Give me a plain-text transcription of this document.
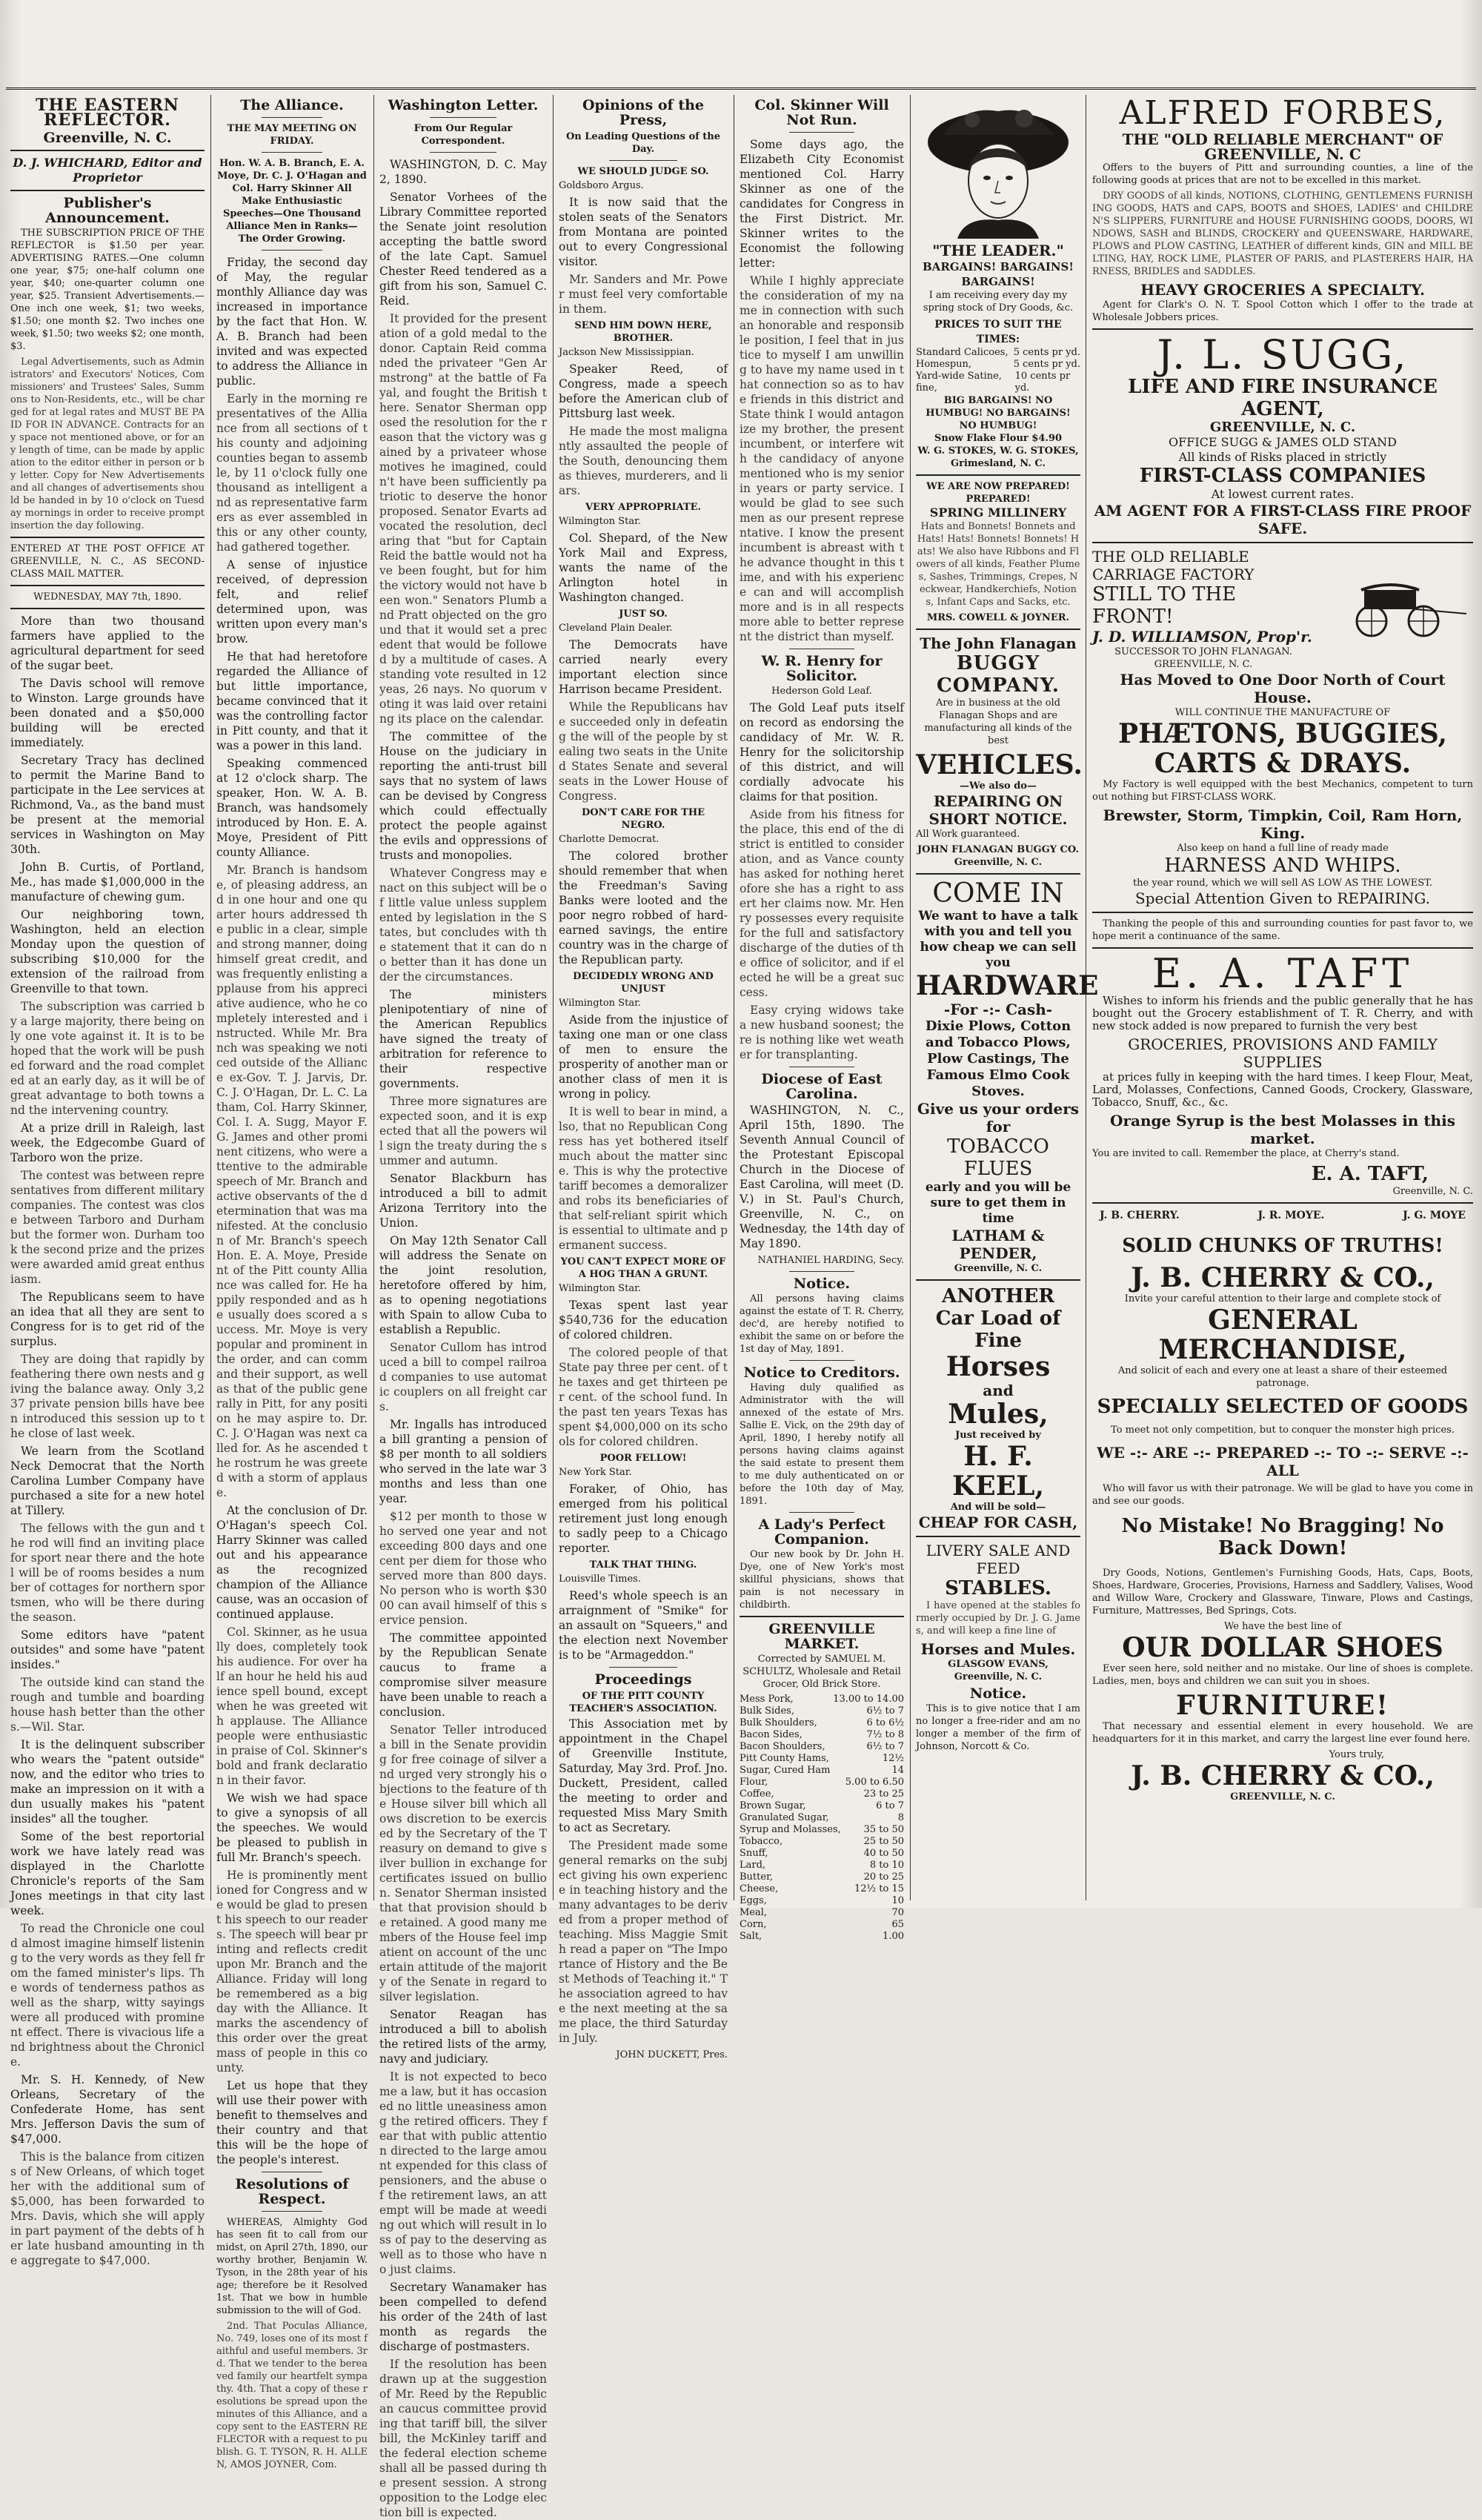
THE EASTERN REFLECTOR.
Greenville, N. C.
D. J. WHICHARD, Editor and Proprietor
Publisher's Announcement.

THE SUBSCRIPTION PRICE OF THE REFLECTOR is $1.50 per year. ADVERTISING RATES.—One column one year, $75; one-half column one year, $40; one-quarter column one year, $25. Transient Advertisements.—One inch one week, $1; two weeks, $1.50; one month $2. Two inches one week, $1.50; two weeks $2; one month, $3.

Legal Advertisements, such as Administrators' and Executors' Notices, Commissioners' and Trustees' Sales, Summons to Non-Residents, etc., will be charged for at legal rates and MUST BE PAID FOR IN ADVANCE. Contracts for any space not mentioned above, or for any length of time, can be made by application to the editor either in person or by letter. Copy for New Advertisements and all changes of advertisements should be handed in by 10 o'clock on Tuesday mornings in order to receive prompt insertion the day following.

ENTERED AT THE POST OFFICE AT GREENVILLE, N. C., AS SECOND-CLASS MAIL MATTER.

WEDNESDAY, MAY 7th, 1890.

More than two thousand farmers have applied to the agricultural department for seed of the sugar beet.

The Davis school will remove to Winston. Large grounds have been donated and a $50,000 building will be erected immediately.

Secretary Tracy has declined to permit the Marine Band to participate in the Lee services at Richmond, Va., as the band must be present at the memorial services in Washington on May 30th.

John B. Curtis, of Portland, Me., has made $1,000,000 in the manufacture of chewing gum.

Our neighboring town, Washington, held an election Monday upon the question of subscribing $10,000 for the extension of the railroad from Greenville to that town.

The subscription was carried by a large majority, there being only one vote against it. It is to be hoped that the work will be pushed forward and the road completed at an early day, as it will be of great advantage to both towns and the intervening country.

At a prize drill in Raleigh, last week, the Edgecombe Guard of Tarboro won the prize.

The contest was between representatives from different military companies. The contest was close between Tarboro and Durham but the former won. Durham took the second prize and the prizes were awarded amid great enthusiasm.

The Republicans seem to have an idea that all they are sent to Congress for is to get rid of the surplus.

They are doing that rapidly by feathering there own nests and giving the balance away. Only 3,237 private pension bills have been introduced this session up to the close of last week.

We learn from the Scotland Neck Democrat that the North Carolina Lumber Company have purchased a site for a new hotel at Tillery.

The fellows with the gun and the rod will find an inviting place for sport near there and the hotel will be of rooms besides a number of cottages for northern sportsmen, who will be there during the season.

Some editors have "patent outsides" and some have "patent insides."

The outside kind can stand the rough and tumble and boarding house hash better than the others.—Wil. Star.

It is the delinquent subscriber who wears the "patent outside" now, and the editor who tries to make an impression on it with a dun usually makes his "patent insides" all the tougher.

Some of the best reportorial work we have lately read was displayed in the Charlotte Chronicle's reports of the Sam Jones meetings in that city last week.

To read the Chronicle one could almost imagine himself listening to the very words as they fell from the famed minister's lips. The words of tenderness pathos as well as the sharp, witty sayings were all produced with prominent effect. There is vivacious life and brightness about the Chronicle.

Mr. S. H. Kennedy, of New Orleans, Secretary of the Confederate Home, has sent Mrs. Jefferson Davis the sum of $47,000.

This is the balance from citizens of New Orleans, of which together with the additional sum of $5,000, has been forwarded to Mrs. Davis, which she will apply in part payment of the debts of her late husband amounting in the aggregate to $47,000.

The Alliance.
THE MAY MEETING ON FRIDAY.

Hon. W. A. B. Branch, E. A. Moye, Dr. C. J. O'Hagan and Col. Harry Skinner All Make Enthusiastic Speeches—One Thousand Alliance Men in Ranks—The Order Growing.

Friday, the second day of May, the regular monthly Alliance day was increased in importance by the fact that Hon. W. A. B. Branch had been invited and was expected to address the Alliance in public.

Early in the morning representatives of the Alliance from all sections of this county and adjoining counties began to assemble, by 11 o'clock fully one thousand as intelligent and as representative farmers as ever assembled in this or any other county, had gathered together.

A sense of injustice received, of depression felt, and relief determined upon, was written upon every man's brow.

He that had heretofore regarded the Alliance of but little importance, became convinced that it was the controlling factor in Pitt county, and that it was a power in this land.

Speaking commenced at 12 o'clock sharp. The speaker, Hon. W. A. B. Branch, was handsomely introduced by Hon. E. A. Moye, President of Pitt county Alliance.

Mr. Branch is handsome, of pleasing address, and in one hour and one quarter hours addressed the public in a clear, simple and strong manner, doing himself great credit, and was frequently enlisting applause from his appreciative audience, who he completely interested and instructed. While Mr. Branch was speaking we noticed outside of the Alliance ex-Gov. T. J. Jarvis, Dr. C. J. O'Hagan, Dr. L. C. Latham, Col. Harry Skinner, Col. I. A. Sugg, Mayor F. G. James and other prominent citizens, who were attentive to the admirable speech of Mr. Branch and active observants of the determination that was manifested. At the conclusion of Mr. Branch's speech Hon. E. A. Moye, President of the Pitt county Alliance was called for. He happily responded and as he usually does scored a success. Mr. Moye is very popular and prominent in the order, and can command their support, as well as that of the public generally in Pitt, for any position he may aspire to. Dr. C. J. O'Hagan was next called for. As he ascended the rostrum he was greeted with a storm of applause.

At the conclusion of Dr. O'Hagan's speech Col. Harry Skinner was called out and his appearance as the recognized champion of the Alliance cause, was an occasion of continued applause.

Col. Skinner, as he usually does, completely took his audience. For over half an hour he held his audience spell bound, except when he was greeted with applause. The Alliance people were enthusiastic in praise of Col. Skinner's bold and frank declaration in their favor.

We wish we had space to give a synopsis of all the speeches. We would be pleased to publish in full Mr. Branch's speech.

He is prominently mentioned for Congress and we would be glad to present his speech to our readers. The speech will bear printing and reflects credit upon Mr. Branch and the Alliance. Friday will long be remembered as a big day with the Alliance. It marks the ascendency of this order over the great mass of people in this county.

Let us hope that they will use their power with benefit to themselves and their country and that this will be the hope of the people's interest.

Resolutions of Respect.

WHEREAS, Almighty God has seen fit to call from our midst, on April 27th, 1890, our worthy brother, Benjamin W. Tyson, in the 28th year of his age; therefore be it Resolved 1st. That we bow in humble submission to the will of God.

2nd. That Poculas Alliance, No. 749, loses one of its most faithful and useful members. 3rd. That we tender to the bereaved family our heartfelt sympathy. 4th. That a copy of these resolutions be spread upon the minutes of this Alliance, and a copy sent to the EASTERN REFLECTOR with a request to publish. G. T. TYSON, R. H. ALLEN, AMOS JOYNER, Com.

Washington Letter.
From Our Regular Correspondent.

WASHINGTON, D. C. May 2, 1890.

Senator Vorhees of the Library Committee reported the Senate joint resolution accepting the battle sword of the late Capt. Samuel Chester Reed tendered as a gift from his son, Samuel C. Reid.

It provided for the presentation of a gold medal to the donor. Captain Reid commanded the privateer "Gen Armstrong" at the battle of Fayal, and fought the British there. Senator Sherman opposed the resolution for the reason that the victory was gained by a privateer whose motives he imagined, couldn't have been sufficiently patriotic to deserve the honor proposed. Senator Evarts advocated the resolution, declaring that "but for Captain Reid the battle would not have been fought, but for him the victory would not have been won." Senators Plumb and Pratt objected on the ground that it would set a precedent that would be followed by a multitude of cases. A standing vote resulted in 12 yeas, 26 nays. No quorum voting it was laid over retaining its place on the calendar.

The committee of the House on the judiciary in reporting the anti-trust bill says that no system of laws can be devised by Congress which could effectually protect the people against the evils and oppressions of trusts and monopolies.

Whatever Congress may enact on this subject will be of little value unless supplemented by legislation in the States, but concludes with the statement that it can do no better than it has done under the circumstances.

The ministers plenipotentiary of nine of the American Republics have signed the treaty of arbitration for reference to their respective governments.

Three more signatures are expected soon, and it is expected that all the powers will sign the treaty during the summer and autumn.

Senator Blackburn has introduced a bill to admit Arizona Territory into the Union.

On May 12th Senator Call will address the Senate on the joint resolution, heretofore offered by him, as to opening negotiations with Spain to allow Cuba to establish a Republic.

Senator Cullom has introduced a bill to compel railroad companies to use automatic couplers on all freight cars.

Mr. Ingalls has introduced a bill granting a pension of $8 per month to all soldiers who served in the late war 3 months and less than one year.

$12 per month to those who served one year and not exceeding 800 days and one cent per diem for those who served more than 800 days. No person who is worth $3000 can avail himself of this service pension.

The committee appointed by the Republican Senate caucus to frame a compromise silver measure have been unable to reach a conclusion.

Senator Teller introduced a bill in the Senate providing for free coinage of silver and urged very strongly his objections to the feature of the House silver bill which allows discretion to be exercised by the Secretary of the Treasury on demand to give silver bullion in exchange for certificates issued on bullion. Senator Sherman insisted that that provision should be retained. A good many members of the House feel impatient on account of the uncertain attitude of the majority of the Senate in regard to silver legislation.

Senator Reagan has introduced a bill to abolish the retired lists of the army, navy and judiciary.

It is not expected to become a law, but it has occasioned no little uneasiness among the retired officers. They fear that with public attention directed to the large amount expended for this class of pensioners, and the abuse of the retirement laws, an attempt will be made at weeding out which will result in loss of pay to the deserving as well as to those who have no just claims.

Secretary Wanamaker has been compelled to defend his order of the 24th of last month as regards the discharge of postmasters.

If the resolution has been drawn up at the suggestion of Mr. Reed by the Republican caucus committee providing that tariff bill, the silver bill, the McKinley tariff and the federal election scheme shall all be passed during the present session. A strong opposition to the Lodge election bill is expected.

Opinions of the Press,
On Leading Questions of the Day.
WE SHOULD JUDGE SO.

Goldsboro Argus.

It is now said that the stolen seats of the Senators from Montana are pointed out to every Congressional visitor.

Mr. Sanders and Mr. Power must feel very comfortable in them.

SEND HIM DOWN HERE, BROTHER.

Jackson New Mississippian.

Speaker Reed, of Congress, made a speech before the American club of Pittsburg last week.

He made the most malignantly assaulted the people of the South, denouncing them as thieves, murderers, and liars.

VERY APPROPRIATE.

Wilmington Star.

Col. Shepard, of the New York Mail and Express, wants the name of the Arlington hotel in Washington changed.

JUST SO.

Cleveland Plain Dealer.

The Democrats have carried nearly every important election since Harrison became President.

While the Republicans have succeeded only in defeating the will of the people by stealing two seats in the United States Senate and several seats in the Lower House of Congress.

DON'T CARE FOR THE NEGRO.

Charlotte Democrat.

The colored brother should remember that when the Freedman's Saving Banks were looted and the poor negro robbed of hard-earned savings, the entire country was in the charge of the Republican party.

DECIDEDLY WRONG AND UNJUST

Wilmington Star.

Aside from the injustice of taxing one man or one class of men to ensure the prosperity of another man or another class of men it is wrong in policy.

It is well to bear in mind, also, that no Republican Congress has yet bothered itself much about the matter since. This is why the protective tariff becomes a demoralizer and robs its beneficiaries of that self-reliant spirit which is essential to ultimate and permanent success.

YOU CAN'T EXPECT MORE OF A HOG THAN A GRUNT.

Wilmington Star.

Texas spent last year $540,736 for the education of colored children.

The colored people of that State pay three per cent. of the taxes and get thirteen per cent. of the school fund. In the past ten years Texas has spent $4,000,000 on its schools for colored children.

POOR FELLOW!

New York Star.

Foraker, of Ohio, has emerged from his political retirement just long enough to sadly peep to a Chicago reporter.

TALK THAT THING.

Louisville Times.

Reed's whole speech is an arraignment of "Smike" for an assault on "Squeers," and the election next November is to be "Armageddon."

Proceedings
OF THE PITT COUNTY TEACHER'S ASSOCIATION.

This Association met by appointment in the Chapel of Greenville Institute, Saturday, May 3rd. Prof. Jno. Duckett, President, called the meeting to order and requested Miss Mary Smith to act as Secretary.

The President made some general remarks on the subject giving his own experience in teaching history and the many advantages to be derived from a proper method of teaching. Miss Maggie Smith read a paper on "The Importance of History and the Best Methods of Teaching it." The association agreed to have the next meeting at the same place, the third Saturday in July.

JOHN DUCKETT, Pres.

Col. Skinner Will Not Run.

Some days ago, the Elizabeth City Economist mentioned Col. Harry Skinner as one of the candidates for Congress in the First District. Mr. Skinner writes to the Economist the following letter:

While I highly appreciate the consideration of my name in connection with such an honorable and responsible position, I feel that in justice to myself I am unwilling to have my name used in that connection so as to have friends in this district and State think I would antagonize my brother, the present incumbent, or interfere with the candidacy of anyone mentioned who is my senior in years or party service. I would be glad to see such men as our present representative. I know the present incumbent is abreast with the advance thought in this time, and with his experience can and will accomplish more and is in all respects more able to better represent the district than myself.

W. R. Henry for Solicitor.

Hederson Gold Leaf.

The Gold Leaf puts itself on record as endorsing the candidacy of Mr. W. R. Henry for the solicitorship of this district, and will cordially advocate his claims for that position.

Aside from his fitness for the place, this end of the district is entitled to consideration, and as Vance county has asked for nothing heretofore she has a right to assert her claims now. Mr. Henry possesses every requisite for the full and satisfactory discharge of the duties of the office of solicitor, and if elected he will be a great success.

Easy crying widows take a new husband soonest; there is nothing like wet weather for transplanting.

Diocese of East Carolina.

WASHINGTON, N. C., April 15th, 1890. The Seventh Annual Council of the Protestant Episcopal Church in the Diocese of East Carolina, will meet (D. V.) in St. Paul's Church, Greenville, N. C., on Wednesday, the 14th day of May 1890.

NATHANIEL HARDING, Secy.

Notice.

All persons having claims against the estate of T. R. Cherry, dec'd, are hereby notified to exhibit the same on or before the 1st day of May, 1891.

Notice to Creditors.

Having duly qualified as Administrator with the will annexed of the estate of Mrs. Sallie E. Vick, on the 29th day of April, 1890, I hereby notify all persons having claims against the said estate to present them to me duly authenticated on or before the 10th day of May, 1891.

A Lady's Perfect Companion.

Our new book by Dr. John H. Dye, one of New York's most skillful physicians, shows that pain is not necessary in childbirth.

GREENVILLE MARKET.

Corrected by SAMUEL M. SCHULTZ, Wholesale and Retail Grocer, Old Brick Store.

Mess Pork,	13.00 to 14.00
Bulk Sides,	6½ to 7
Bulk Shoulders,	6 to 6½
Bacon Sides,	7½ to 8
Bacon Shoulders,	6½ to 7
Pitt County Hams,	12½
Sugar, Cured Ham	14
Flour,	5.00 to 6.50
Coffee,	23 to 25
Brown Sugar,	6 to 7
Granulated Sugar,	8
Syrup and Molasses, 35 to 50
Tobacco,	25 to 50
Snuff,	40 to 50
Lard,	8 to 10
Butter,	20 to 25
Cheese,	12½ to 15
Eggs,	10
Meal,	70
Corn,	65
Salt,	1.00
"THE LEADER."
BARGAINS! BARGAINS! BARGAINS!

I am receiving every day my spring stock of Dry Goods, &c.

PRICES TO SUIT THE TIMES:
Standard Calicoes, 5 cents pr yd.
Homespun,	5 cents pr yd.
Yard-wide Satine, fine,
10 cents pr yd.
BIG BARGAINS! NO HUMBUG! NO BARGAINS! NO HUMBUG!
Snow Flake Flour $4.90
W. G. STOKES, W. G. STOKES, Grimesland, N. C.
WE ARE NOW PREPARED! PREPARED!
SPRING MILLINERY

Hats and Bonnets! Bonnets and Hats! Hats! Bonnets! Bonnets! Hats! We also have Ribbons and Flowers of all kinds, Feather Plumes, Sashes, Trimmings, Crepes, Neckwear, Handkerchiefs, Notions, Infant Caps and Sacks, etc.

MRS. COWELL & JOYNER.
The John Flanagan
BUGGY COMPANY.

Are in business at the old Flanagan Shops and are manufacturing all kinds of the best

VEHICLES.
—We also do—
REPAIRING ON SHORT NOTICE.

All Work guaranteed.

JOHN FLANAGAN BUGGY CO.
Greenville, N. C.
COME IN
We want to have a talk with you and tell you how cheap we can sell you
HARDWARE
-For -:- Cash-
Dixie Plows, Cotton and Tobacco Plows, Plow Castings, The Famous Elmo Cook Stoves.
Give us your orders for
TOBACCO FLUES
early and you will be sure to get them in time
LATHAM & PENDER,
Greenville, N. C.
ANOTHER
Car Load of Fine
Horses
and
Mules,
Just received by
H. F. KEEL,
And will be sold—
CHEAP FOR CASH,
LIVERY SALE AND FEED
STABLES.

I have opened at the stables formerly occupied by Dr. J. G. James, and will keep a fine line of

Horses and Mules.
GLASGOW EVANS,
Greenville, N. C.
Notice.

This is to give notice that I am no longer a free-rider and am no longer a member of the firm of Johnson, Norcott & Co.

ALFRED FORBES,
THE "OLD RELIABLE MERCHANT" OF GREENVILLE, N. C

Offers to the buyers of Pitt and surrounding counties, a line of the following goods at prices that are not to be excelled in this market.

DRY GOODS of all kinds, NOTIONS, CLOTHING, GENTLEMENS FURNISHING GOODS, HATS and CAPS, BOOTS and SHOES, LADIES' and CHILDREN'S SLIPPERS, FURNITURE and HOUSE FURNISHING GOODS, DOORS, WINDOWS, SASH and BLINDS, CROCKERY and QUEENSWARE, HARDWARE, PLOWS and PLOW CASTING, LEATHER of different kinds, GIN and MILL BELTING, HAY, ROCK LIME, PLASTER OF PARIS, and PLASTERERS HAIR, HARNESS, BRIDLES and SADDLES.

HEAVY GROCERIES A SPECIALTY.

Agent for Clark's O. N. T. Spool Cotton which I offer to the trade at Wholesale Jobbers prices.

J. L. SUGG,
LIFE AND FIRE INSURANCE AGENT,
GREENVILLE, N. C.
OFFICE SUGG & JAMES OLD STAND
All kinds of Risks placed in strictly
FIRST-CLASS COMPANIES
At lowest current rates.
AM AGENT FOR A FIRST-CLASS FIRE PROOF SAFE.
THE OLD RELIABLE CARRIAGE FACTORY
STILL TO THE FRONT!
J. D. WILLIAMSON, Prop'r.
SUCCESSOR TO JOHN FLANAGAN.
GREENVILLE, N. C.
Has Moved to One Door North of Court House.
WILL CONTINUE THE MANUFACTURE OF
PHÆTONS, BUGGIES, CARTS & DRAYS.

My Factory is well equipped with the best Mechanics, competent to turn out nothing but FIRST-CLASS WORK.

Brewster, Storm, Timpkin, Coil, Ram Horn, King.
Also keep on hand a full line of ready made
HARNESS AND WHIPS.
the year round, which we will sell AS LOW AS THE LOWEST.
Special Attention Given to REPAIRING.

Thanking the people of this and surrounding counties for past favor to, we hope merit a continuance of the same.

E. A. TAFT

Wishes to inform his friends and the public generally that he has bought out the Grocery establishment of T. R. Cherry, and with new stock added is now prepared to furnish the very best

GROCERIES, PROVISIONS AND FAMILY SUPPLIES

at prices fully in keeping with the hard times. I keep Flour, Meat, Lard, Molasses, Confections, Canned Goods, Crockery, Glassware, Tobacco, Snuff, &c., &c.

Orange Syrup is the best Molasses in this market.

You are invited to call. Remember the place, at Cherry's stand.

E. A. TAFT,
Greenville, N. C.
J. B. CHERRY.	J. R. MOYE.	J. G. MOYE
SOLID CHUNKS OF TRUTHS!
J. B. CHERRY & CO.,
Invite your careful attention to their large and complete stock of
GENERAL MERCHANDISE,
And solicit of each and every one at least a share of their esteemed patronage.
SPECIALLY SELECTED OF GOODS
To meet not only competition, but to conquer the monster high prices.
WE -:- ARE -:- PREPARED -:- TO -:- SERVE -:- ALL

Who will favor us with their patronage. We will be glad to have you come in and see our goods.

No Mistake! No Bragging! No Back Down!

Dry Goods, Notions, Gentlemen's Furnishing Goods, Hats, Caps, Boots, Shoes, Hardware, Groceries, Provisions, Harness and Saddlery, Valises, Wood and Willow Ware, Crockery and Glassware, Tinware, Plows and Castings, Furniture, Mattresses, Bed Springs, Cots.

We have the best line of
OUR DOLLAR SHOES

Ever seen here, sold neither and no mistake. Our line of shoes is complete. Ladies, men, boys and children we can suit you in shoes.

FURNITURE!

That necessary and essential element in every household. We are headquarters for it in this market, and carry the largest line ever found here.

Yours truly,
J. B. CHERRY & CO.,
GREENVILLE, N. C.
